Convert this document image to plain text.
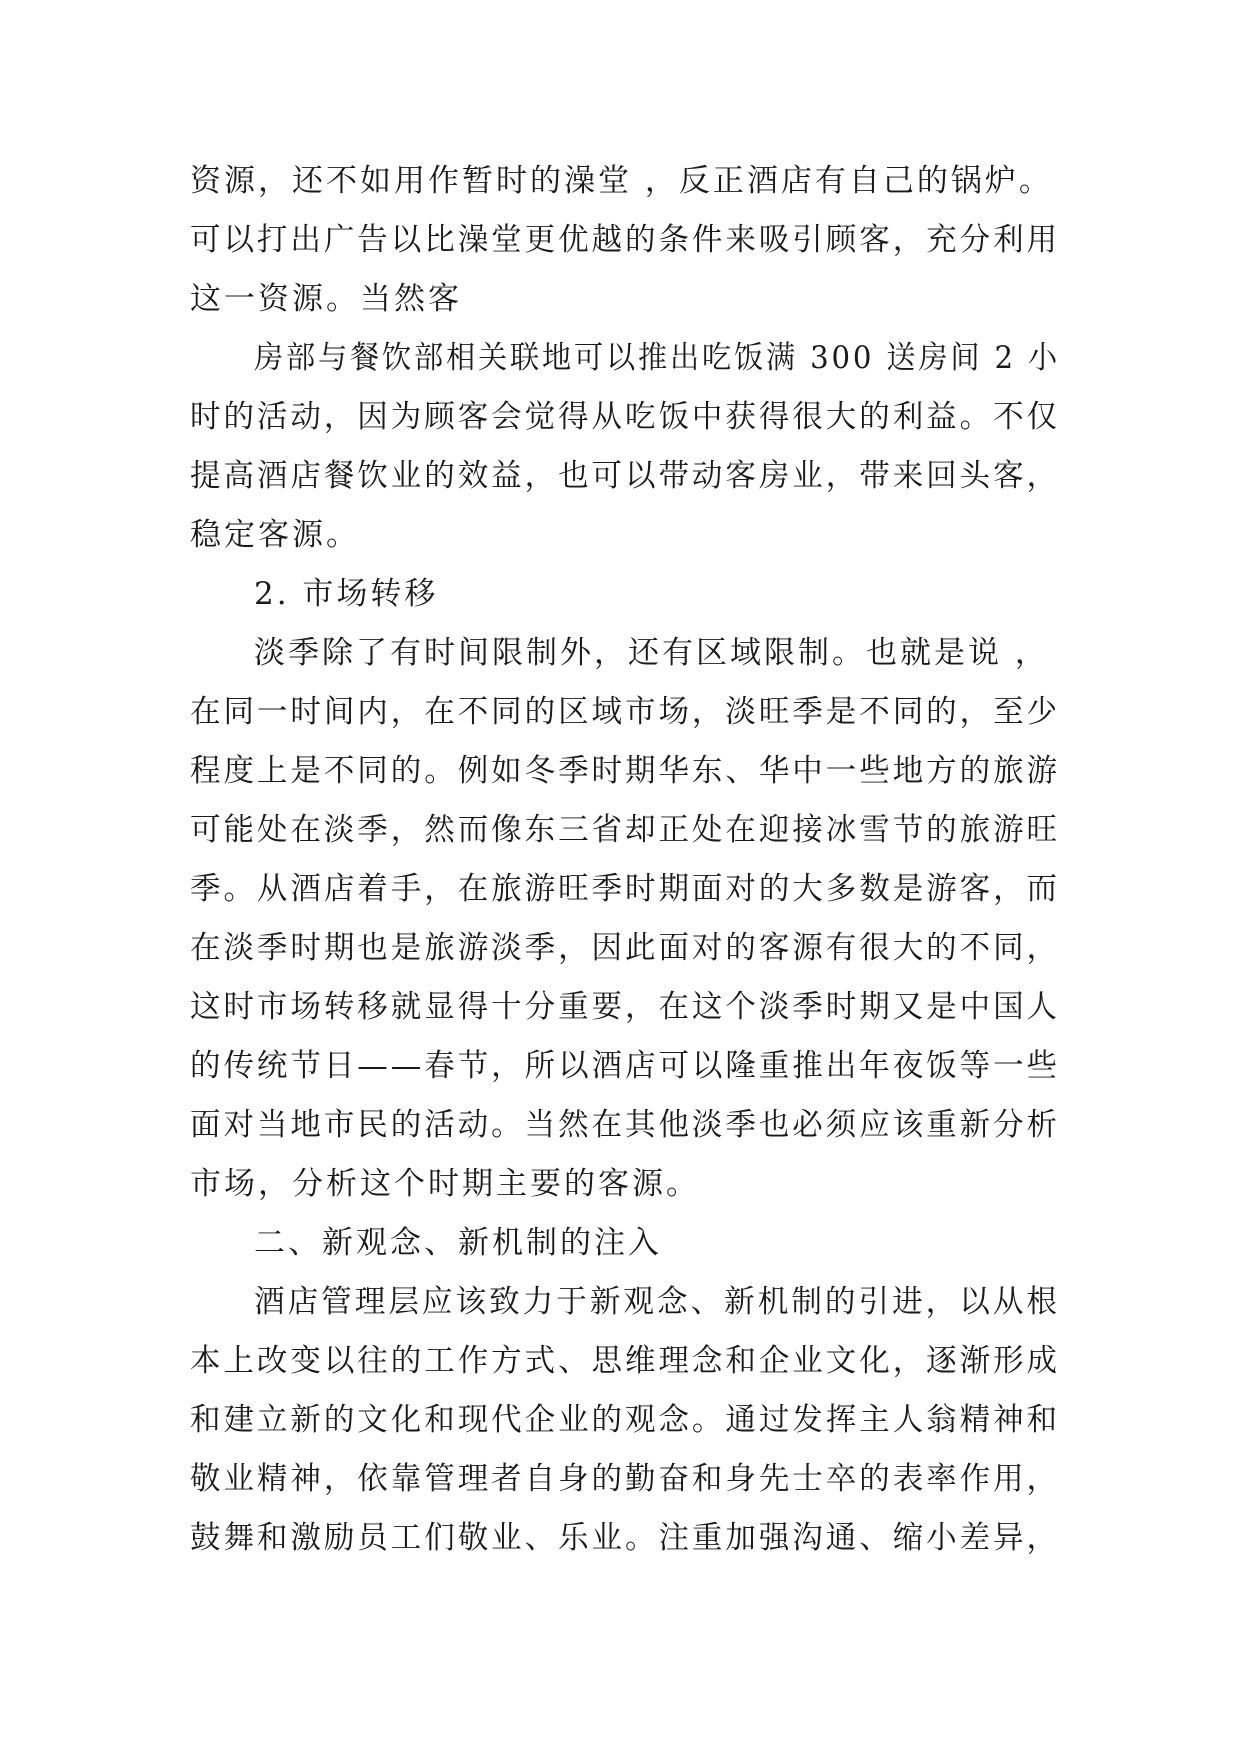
资源，还不如用作暂时的澡堂 ，反正酒店有自己的锅炉。
可以打出广告以比澡堂更优越的条件来吸引顾客，充分利用
这一资源。当然客
房部与餐饮部相关联地可以推出吃饭满 300 送房间 2 小
时的活动，因为顾客会觉得从吃饭中获得很大的利益。不仅
提高酒店餐饮业的效益，也可以带动客房业，带来回头客，
稳定客源。
2. 市场转移
淡季除了有时间限制外，还有区域限制。也就是说 ，
在同一时间内，在不同的区域市场，淡旺季是不同的，至少
程度上是不同的。例如冬季时期华东、华中一些地方的旅游
可能处在淡季，然而像东三省却正处在迎接冰雪节的旅游旺
季。从酒店着手，在旅游旺季时期面对的大多数是游客，而
在淡季时期也是旅游淡季，因此面对的客源有很大的不同，
这时市场转移就显得十分重要，在这个淡季时期又是中国人
的传统节日——春节，所以酒店可以隆重推出年夜饭等一些
面对当地市民的活动。当然在其他淡季也必须应该重新分析
市场，分析这个时期主要的客源。
二、新观念、新机制的注入
酒店管理层应该致力于新观念、新机制的引进，以从根
本上改变以往的工作方式、思维理念和企业文化，逐渐形成
和建立新的文化和现代企业的观念。通过发挥主人翁精神和
敬业精神，依靠管理者自身的勤奋和身先士卒的表率作用，
鼓舞和激励员工们敬业、乐业。注重加强沟通、缩小差异，
